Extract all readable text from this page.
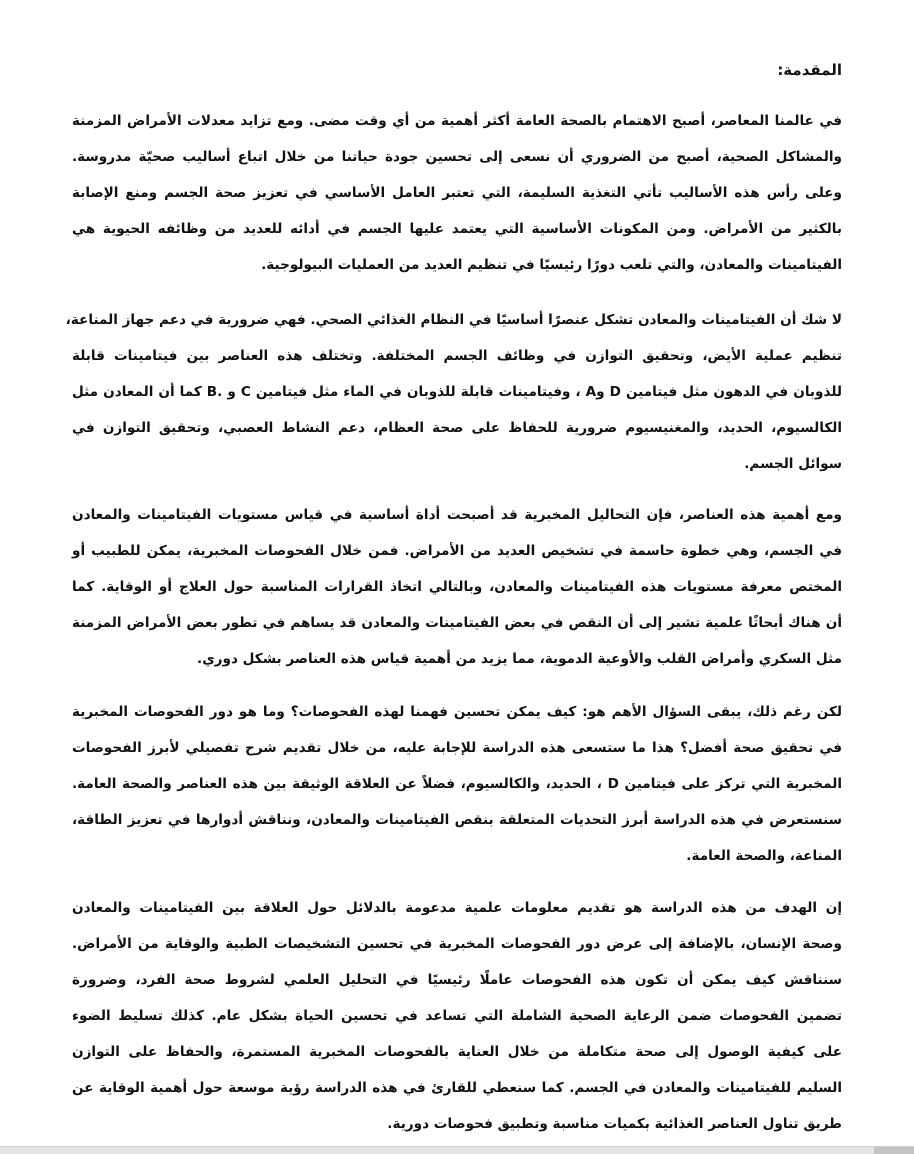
المقدمة:
في عالمنا المعاصر، أصبح الاهتمام بالصحة العامة أكثر أهمية من أي وقت مضى. ومع تزايد معدلات الأمراض المزمنة
والمشاكل الصحية، أصبح من الضروري أن نسعى إلى تحسين جودة حياتنا من خلال اتباع أساليب صحيّة مدروسة.
وعلى رأس هذه الأساليب تأتي التغذية السليمة، التي تعتبر العامل الأساسي في تعزيز صحة الجسم ومنع الإصابة
بالكثير من الأمراض. ومن المكونات الأساسية التي يعتمد عليها الجسم في أدائه للعديد من وظائفه الحيوية هي
الفيتامينات والمعادن، والتي تلعب دورًا رئيسيًا في تنظيم العديد من العمليات البيولوجية.
لا شك أن الفيتامينات والمعادن تشكل عنصرًا أساسيًا في النظام الغذائي الصحي. فهي ضرورية في دعم جهاز المناعة،
تنظيم عملية الأيض، وتحقيق التوازن في وظائف الجسم المختلفة. وتختلف هذه العناصر بين فيتامينات قابلة
للذوبان في الدهون مثل فيتامين D وA ، وفيتامينات قابلة للذوبان في الماء مثل فيتامين C و .B كما أن المعادن مثل
الكالسيوم، الحديد، والمغنيسيوم ضرورية للحفاظ على صحة العظام، دعم النشاط العصبي، وتحقيق التوازن في
سوائل الجسم.
ومع أهمية هذه العناصر، فإن التحاليل المخبرية قد أصبحت أداة أساسية في قياس مستويات الفيتامينات والمعادن
في الجسم، وهي خطوة حاسمة في تشخيص العديد من الأمراض. فمن خلال الفحوصات المخبرية، يمكن للطبيب أو
المختص معرفة مستويات هذه الفيتامينات والمعادن، وبالتالي اتخاذ القرارات المناسبة حول العلاج أو الوقاية. كما
أن هناك أبحاثًا علمية تشير إلى أن النقص في بعض الفيتامينات والمعادن قد يساهم في تطور بعض الأمراض المزمنة
مثل السكري وأمراض القلب والأوعية الدموية، مما يزيد من أهمية قياس هذه العناصر بشكل دوري.
لكن رغم ذلك، يبقى السؤال الأهم هو: كيف يمكن تحسين فهمنا لهذه الفحوصات؟ وما هو دور الفحوصات المخبرية
في تحقيق صحة أفضل؟ هذا ما ستسعى هذه الدراسة للإجابة عليه، من خلال تقديم شرح تفصيلي لأبرز الفحوصات
المخبرية التي تركز على فيتامين D ، الحديد، والكالسيوم، فضلاً عن العلاقة الوثيقة بين هذه العناصر والصحة العامة.
سنستعرض في هذه الدراسة أبرز التحديات المتعلقة بنقص الفيتامينات والمعادن، ونناقش أدوارها في تعزيز الطاقة،
المناعة، والصحة العامة.
إن الهدف من هذه الدراسة هو تقديم معلومات علمية مدعومة بالدلائل حول العلاقة بين الفيتامينات والمعادن
وصحة الإنسان، بالإضافة إلى عرض دور الفحوصات المخبرية في تحسين التشخيصات الطبية والوقاية من الأمراض.
سنناقش كيف يمكن أن تكون هذه الفحوصات عاملًا رئيسيًا في التحليل العلمي لشروط صحة الفرد، وضرورة
تضمين الفحوصات ضمن الرعاية الصحية الشاملة التي تساعد في تحسين الحياة بشكل عام. كذلك تسليط الضوء
على كيفية الوصول إلى صحة متكاملة من خلال العناية بالفحوصات المخبرية المستمرة، والحفاظ على التوازن
السليم للفيتامينات والمعادن في الجسم. كما سنعطي للقارئ في هذه الدراسة رؤية موسعة حول أهمية الوقاية عن
طريق تناول العناصر الغذائية بكميات مناسبة وتطبيق فحوصات دورية.
